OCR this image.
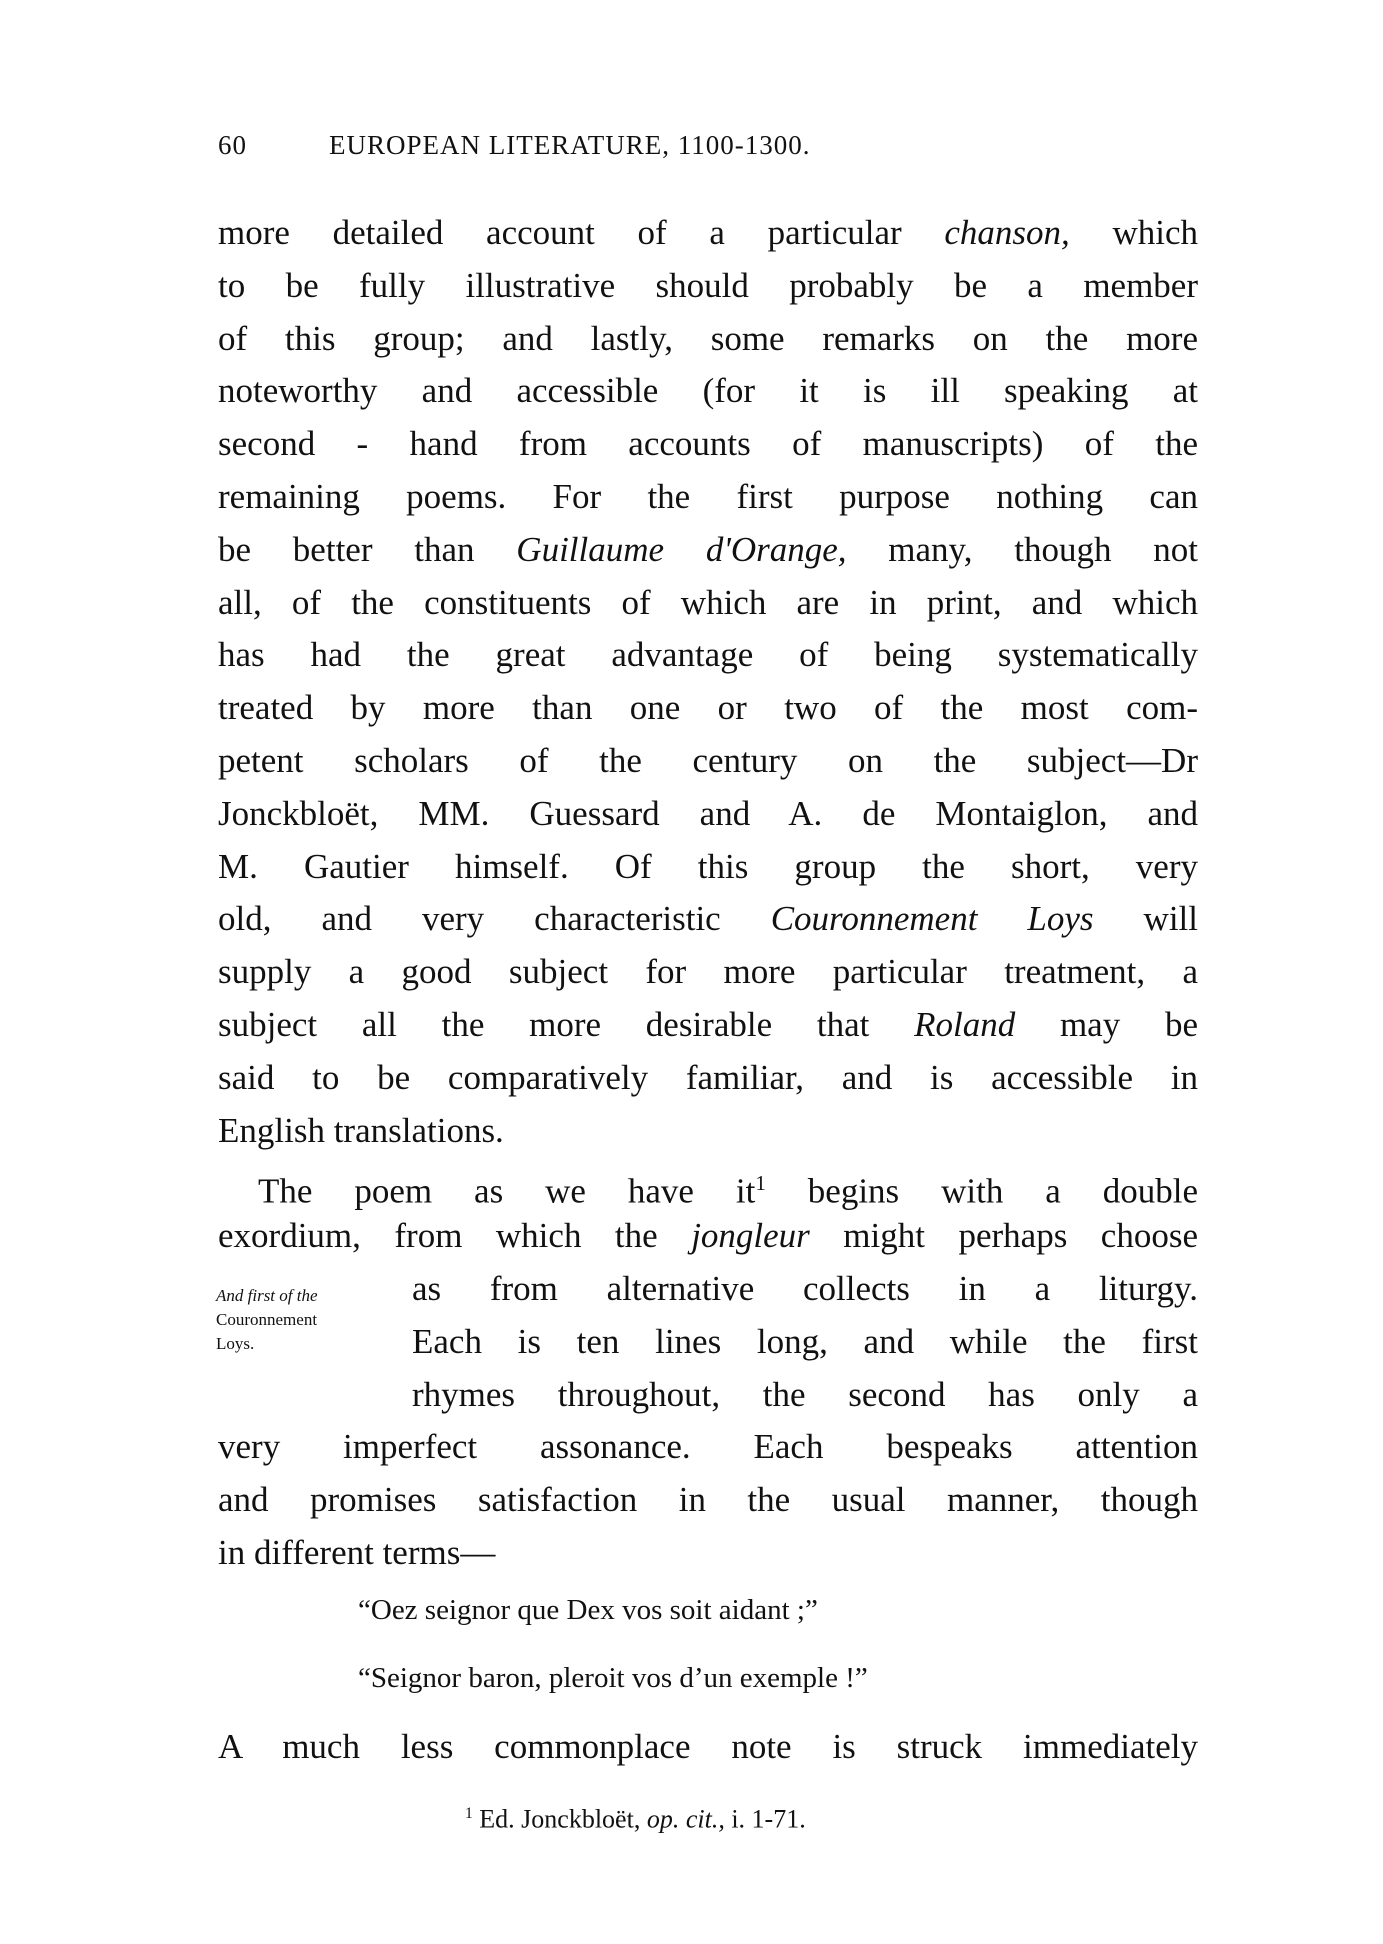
60	EUROPEAN LITERATURE, 1100-1300.
more detailed account of a particular chanson, which
to be fully illustrative should probably be a member
of this group; and lastly, some remarks on the more
noteworthy and accessible (for it is ill speaking at
second - hand from accounts of manuscripts) of the
remaining poems. For the first purpose nothing can
be better than Guillaume d'Orange, many, though not
all, of the constituents of which are in print, and which
has had the great advantage of being systematically
treated by more than one or two of the most com-
petent scholars of the century on the subject—Dr
Jonckbloët, MM. Guessard and A. de Montaiglon, and
M. Gautier himself. Of this group the short, very
old, and very characteristic Couronnement Loys will
supply a good subject for more particular treatment, a
subject all the more desirable that Roland may be
said to be comparatively familiar, and is accessible in
English translations.
The poem as we have $it^1$ begins with a double
exordium, from which the jongleur might perhaps choose
as from alternative collects in a liturgy.
Each is ten lines long, and while the first
rhymes throughout, the second has only a
very imperfect assonance. Each bespeaks attention
and promises satisfaction in the usual manner, though
in different terms—
A much less commonplace note is struck immediately
And first of the
Couronnement
Loys.
“Oez seignor que Dex vos soit aidant ;”
“Seignor baron, pleroit vos d’un exemple !”
$^1$ Ed. Jonckbloët, op. cit., i. 1-71.
